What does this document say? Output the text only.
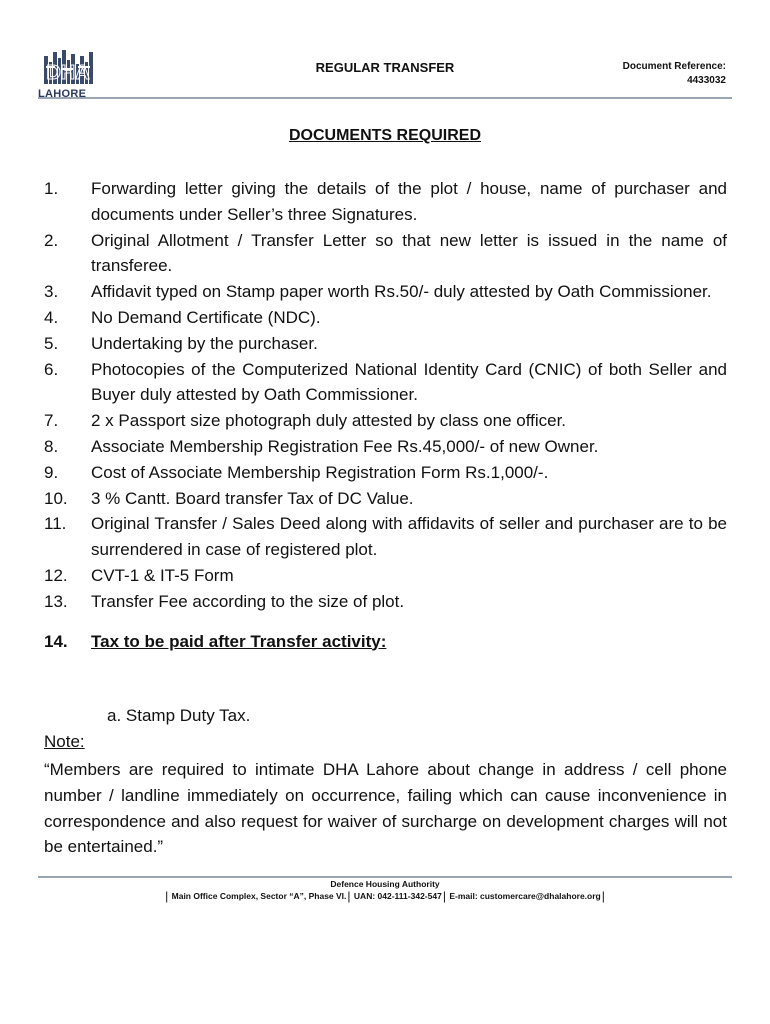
DHA
LAHORE
REGULAR TRANSFER	Document Reference:
4433032
DOCUMENTS REQUIRED
1.	Forwarding letter giving the details of the plot / house, name of purchaser and documents under Seller’s three Signatures.
2.	Original Allotment / Transfer Letter so that new letter is issued in the name of transferee.
3.	Affidavit typed on Stamp paper worth Rs.50/- duly attested by Oath Commissioner.
4.	No Demand Certificate (NDC).
5.	Undertaking by the purchaser.
6.	Photocopies of the Computerized National Identity Card (CNIC) of both Seller and Buyer duly attested by Oath Commissioner.
7.	2 x Passport size photograph duly attested by class one officer.
8.	Associate Membership Registration Fee Rs.45,000/- of new Owner.
9.	Cost of Associate Membership Registration Form Rs.1,000/-.
10.	3 % Cantt. Board transfer Tax of DC Value.
11.	Original Transfer / Sales Deed along with affidavits of seller and purchaser are to be surrendered in case of registered plot.
12.	CVT-1 & IT-5 Form
13.	Transfer Fee according to the size of plot.
14.	Tax to be paid after Transfer activity:
a. Stamp Duty Tax.
Note:
“Members are required to intimate DHA Lahore about change in address / cell phone number / landline immediately on occurrence, failing which can cause inconvenience in correspondence and also request for waiver of surcharge on development charges will not be entertained.”
Defence Housing Authority
| Main Office Complex, Sector “A”, Phase VI.| UAN: 042-111-342-547| E-mail: customercare@dhalahore.org|
